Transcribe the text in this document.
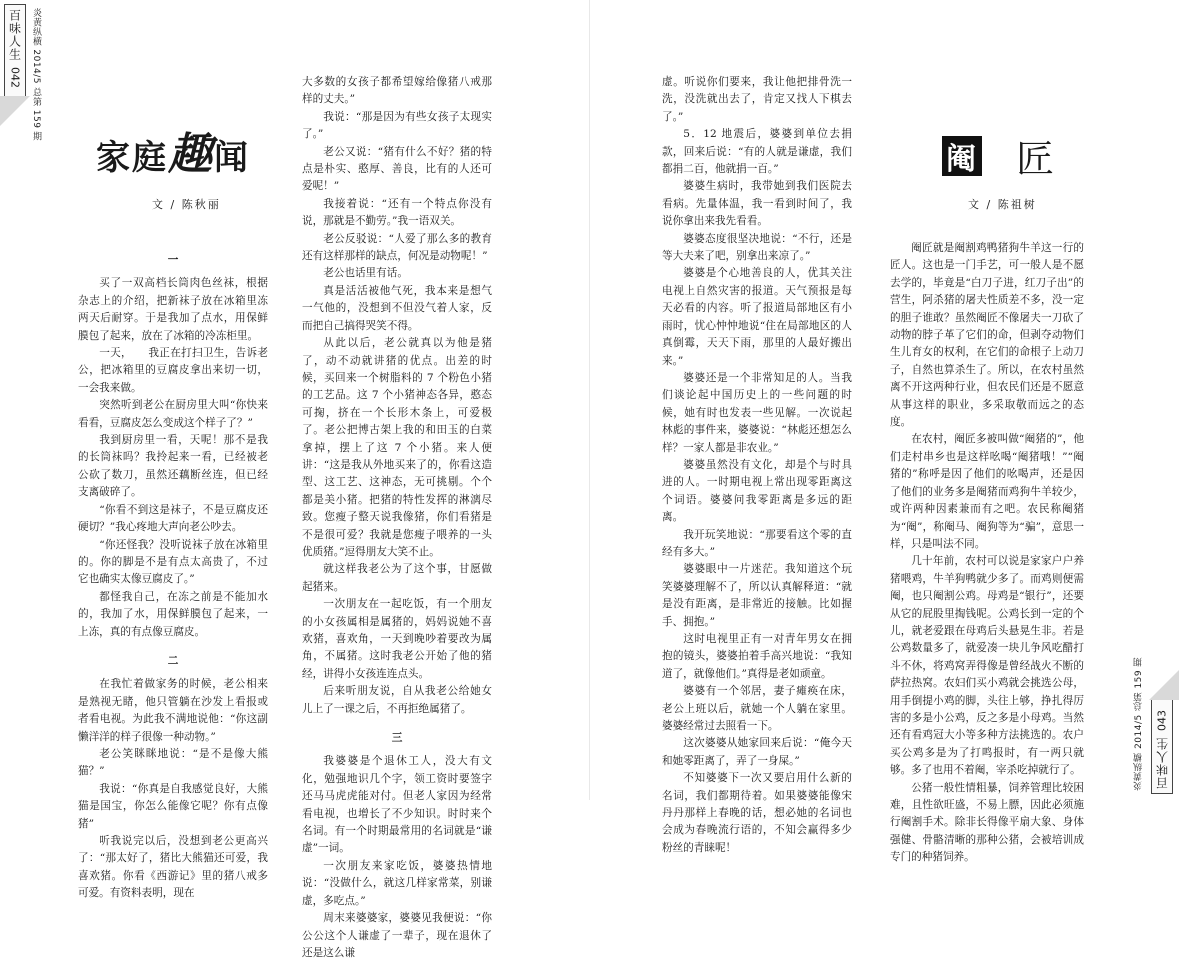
百味人生
042 炎黄纵横 2014/5 总第 159 期
家庭趣闻
文 / 陈秋丽

一

买了一双高档长筒肉色丝袜，根据杂志上的介绍，把新袜子放在冰箱里冻两天后耐穿。于是我加了点水，用保鲜膜包了起来，放在了冰箱的冷冻柜里。

一天，　　我正在打扫卫生，告诉老公，把冰箱里的豆腐皮拿出来切一切，一会我来做。

突然听到老公在厨房里大叫“你快来看看，豆腐皮怎么变成这个样子了？”

我到厨房里一看，天呢！那不是我的长筒袜吗？我拎起来一看，已经被老公砍了数刀，虽然还藕断丝连，但已经支离破碎了。

“你看不到这是袜子，不是豆腐皮还硬切？”我心疼地大声向老公吵去。

“你还怪我？没听说袜子放在冰箱里的。你的脚是不是有点太高贵了，不过它也确实太像豆腐皮了。”

都怪我自己，在冻之前是不能加水的，我加了水，用保鲜膜包了起来，一上冻，真的有点像豆腐皮。

二

在我忙着做家务的时候，老公相来是熟视无睹，他只管躺在沙发上看报或者看电视。为此我不满地说他：“你这副懒洋洋的样子很像一种动物。”

老公笑眯眯地说：“是不是像大熊猫？”

我说：“你真是自我感觉良好，大熊猫是国宝，你怎么能像它呢？你有点像猪”

听我说完以后，没想到老公更高兴了：“那太好了，猪比大熊猫还可爱，我喜欢猪。你看《西游记》里的猪八戒多可爱。有资料表明，现在

大多数的女孩子都希望嫁给像猪八戒那样的丈夫。”

我说：“那是因为有些女孩子太现实了。”

老公又说：“猪有什么不好？猪的特点是朴实、憨厚、善良，比有的人还可爱呢！”

我接着说：“还有一个特点你没有说，那就是不勤劳。”我一语双关。

老公反驳说：“人爱了那么多的教育还有这样那样的缺点，何况是动物呢！”

老公也话里有话。

真是活活被他气死，我本来是想气一气他的，没想到不但没气着人家，反而把自己搞得哭笑不得。

从此以后，老公就真以为他是猪了，动不动就讲猪的优点。出差的时候，买回来一个树脂料的 7 个粉色小猪的工艺品。这 7 个小猪神态各异，憨态可掬，挤在一个长形木条上，可爱极了。老公把博古架上我的和田玉的白菜拿掉，摆上了这 7 个小猪。来人便讲：“这是我从外地买来了的，你看这造型、这工艺、这神态，无可挑剔。个个都是美小猪。把猪的特性发挥的淋漓尽致。您瘦子整天说我像猪，你们看猪是不是很可爱？我就是您瘦子喂养的一头优质猪。”逗得朋友大笑不止。

就这样我老公为了这个事，甘愿做起猪来。

一次朋友在一起吃饭，有一个朋友的小女孩属相是属猪的，妈妈说她不喜欢猪，喜欢角，一天到晚吵着要改为属角，不属猪。这时我老公开始了他的猪经，讲得小女孩连连点头。

后来听朋友说，自从我老公给她女儿上了一课之后，不再拒绝属猪了。

三

我婆婆是个退休工人，没大有文化，勉强地识几个字，领工资时要签字还马马虎虎能对付。但老人家因为经常看电视，也增长了不少知识。时时来个名词。有一个时期最常用的名词就是“谦虚”一词。

一次朋友来家吃饭，婆婆热情地说：“没做什么，就这几样家常菜，别谦虚，多吃点。”

周末来婆婆家，婆婆见我便说：“你公公这个人谦虚了一辈子，现在退休了还是这么谦

百味人生
043
炎黄纵横 2014/5 总第 159 期
阉 匠
文 / 陈祖树

虚。听说你们要来，我让他把排骨洗一洗，没洗就出去了，肯定又找人下棋去了。”

5．12 地震后，婆婆到单位去捐款，回来后说：“有的人就是谦虚，我们都捐二百，他就捐一百。”

婆婆生病时，我带她到我们医院去看病。先量体温，我一看到时间了，我说你拿出来我先看看。

婆婆态度很坚决地说：“不行，还是等大夫来了吧，别拿出来凉了。”

婆婆是个心地善良的人，优其关注电视上自然灾害的报道。天气预报是每天必看的内容。听了报道局部地区有小雨时，忧心忡忡地说“住在局部地区的人真倒霉，天天下雨，那里的人最好搬出来。”

婆婆还是一个非常知足的人。当我们谈论起中国历史上的一些问题的时候，她有时也发表一些见解。一次说起林彪的事件来，婆婆说：“林彪还想怎么样？一家人都是非农业。”

婆婆虽然没有文化，却是个与时具进的人。一时期电视上常出现零距离这个词语。婆婆问我零距离是多远的距离。

我开玩笑地说：“那要看这个零的直经有多大。”

婆婆眼中一片迷茫。我知道这个玩笑婆婆理解不了，所以认真解释道：“就是没有距离，是非常近的接触。比如握手、拥抱。”

这时电视里正有一对青年男女在拥抱的镜头，婆婆拍着手高兴地说：“我知道了，就像他们。”真得是老如顽童。

婆婆有一个邻居，妻子瘫痪在床，老公上班以后，就她一个人躺在家里。婆婆经常过去照看一下。

这次婆婆从她家回来后说：“俺今天和她零距离了，弄了一身屎。”

不知婆婆下一次又要启用什么新的名词，我们都期待着。如果婆婆能像宋丹丹那样上春晚的话，想必她的名词也会成为春晚流行语的，不知会赢得多少粉丝的青睐呢！

阉匠就是阉割鸡鸭猪狗牛羊这一行的匠人。这也是一门手艺，可一般人是不愿去学的，毕竟是“白刀子进，红刀子出”的营生，阿杀猪的屠夫性质差不多，没一定的胆子谁敢？虽然阉匠不像屠夫一刀砍了动物的脖子革了它们的命，但剥夺动物们生儿育女的权利，在它们的命根子上动刀子，自然也算杀生了。所以，在农村虽然离不开这两种行业，但农民们还是不愿意从事这样的职业，多采取敬而远之的态度。

在农村，阉匠多被叫做“阉猪的”，他们走村串乡也是这样吆喝“阉猪哦！”“阉猪的”称呼是因了他们的吆喝声，还是因了他们的业务多是阉猪而鸡狗牛羊较少，或许两种因素兼而有之吧。农民称阉猪为“阉”，称阉马、阉狗等为“骗”，意思一样，只是叫法不同。

几十年前，农村可以说是家家户户养猪喂鸡，牛羊狗鸭就少多了。而鸡则便需阉，也只阉割公鸡。母鸡是“银行”，还要从它的屁股里掏钱呢。公鸡长到一定的个儿，就老爱跟在母鸡后头悬晃生非。若是公鸡数量多了，就爱凑一块儿争风吃醋打斗不休，将鸡窝弄得像是曾经战火不断的萨拉热窝。农妇们买小鸡就会挑选公母，用手倒提小鸡的脚，头往上够，挣扎得厉害的多是小公鸡，反之多是小母鸡。当然还有看鸡冠大小等多种方法挑选的。农户买公鸡多是为了打鸣报时，有一两只就够。多了也用不着阉，宰杀吃掉就行了。

公猪一般性情粗暴，饲养管理比较困难，且性欲旺盛，不易上膘，因此必须施行阉割手术。除非长得像平扇大象、身体强健、骨骼清晰的那种公猪，会被培训成专门的种猪饲养。
